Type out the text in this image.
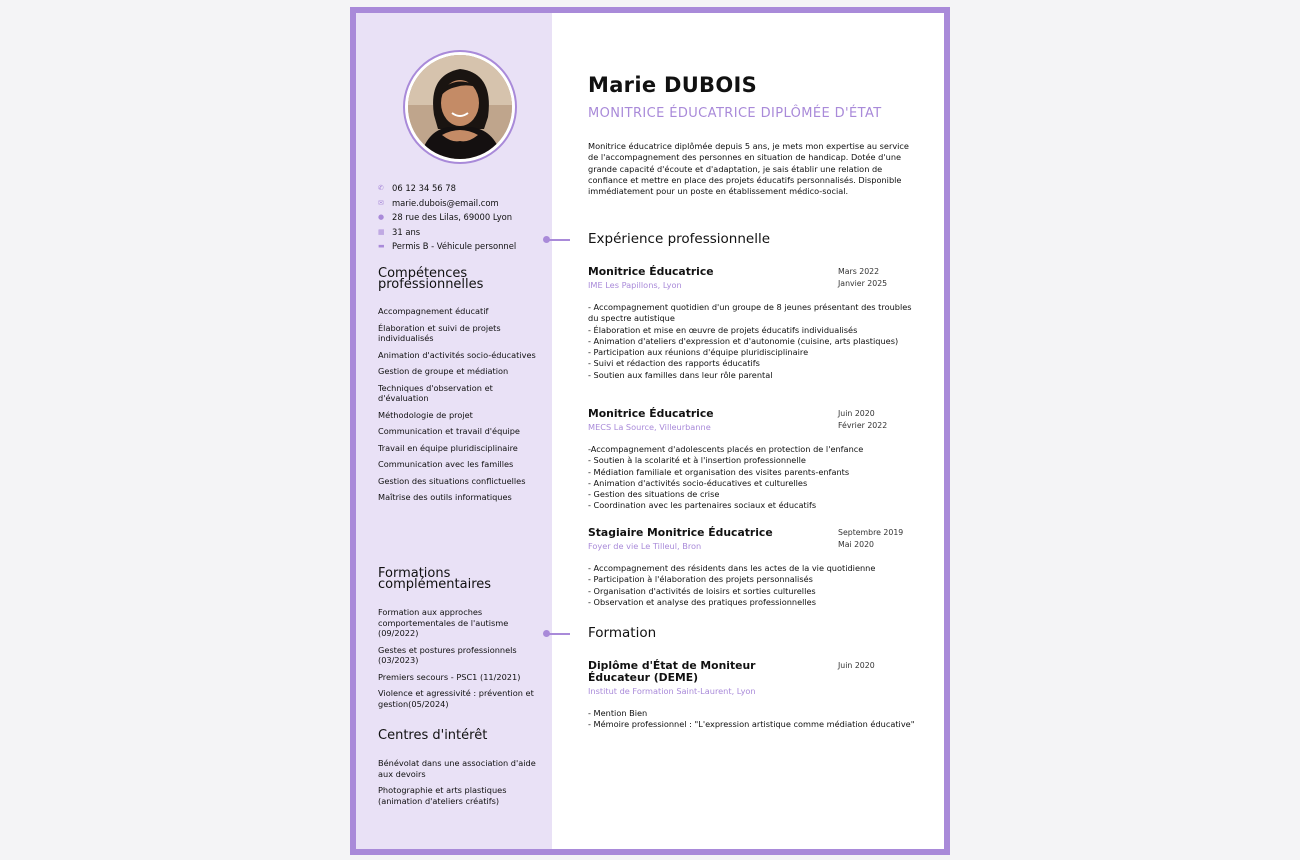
✆ 06 12 34 56 78
✉ marie.dubois@email.com
● 28 rue des Lilas, 69000 Lyon
▦ 31 ans
▬ Permis B - Véhicule personnel
Compétences professionnelles
Accompagnement éducatif
Élaboration et suivi de projets individualisés
Animation d'activités socio-éducatives
Gestion de groupe et médiation
Techniques d'observation et d'évaluation
Méthodologie de projet
Communication et travail d'équipe
Travail en équipe pluridisciplinaire
Communication avec les familles
Gestion des situations conflictuelles
Maîtrise des outils informatiques
Formations complémentaires
Formation aux approches comportementales de l'autisme (09/2022)
Gestes et postures professionnels (03/2023)
Premiers secours - PSC1 (11/2021)
Violence et agressivité : prévention et gestion(05/2024)
Centres d'intérêt
Bénévolat dans une association d'aide aux devoirs
Photographie et arts plastiques (animation d'ateliers créatifs)
Marie DUBOIS
MONITRICE ÉDUCATRICE DIPLÔMÉE D'ÉTAT
Monitrice éducatrice diplômée depuis 5 ans, je mets mon expertise au service de l'accompagnement des personnes en situation de handicap. Dotée d'une grande capacité d'écoute et d'adaptation, je sais établir une relation de confiance et mettre en place des projets éducatifs personnalisés. Disponible immédiatement pour un poste en établissement médico-social.
Expérience professionnelle
Monitrice Éducatrice
IME Les Papillons, Lyon
Mars 2022
Janvier 2025
- Accompagnement quotidien d'un groupe de 8 jeunes présentant des troubles du spectre autistique
- Élaboration et mise en œuvre de projets éducatifs individualisés
- Animation d'ateliers d'expression et d'autonomie (cuisine, arts plastiques)
- Participation aux réunions d'équipe pluridisciplinaire
- Suivi et rédaction des rapports éducatifs
- Soutien aux familles dans leur rôle parental
Monitrice Éducatrice
MECS La Source, Villeurbanne
Juin 2020
Février 2022
-Accompagnement d'adolescents placés en protection de l'enfance
- Soutien à la scolarité et à l'insertion professionnelle
- Médiation familiale et organisation des visites parents-enfants
- Animation d'activités socio-éducatives et culturelles
- Gestion des situations de crise
- Coordination avec les partenaires sociaux et éducatifs
Stagiaire Monitrice Éducatrice
Foyer de vie Le Tilleul, Bron
Septembre 2019
Mai 2020
- Accompagnement des résidents dans les actes de la vie quotidienne
- Participation à l'élaboration des projets personnalisés
- Organisation d'activités de loisirs et sorties culturelles
- Observation et analyse des pratiques professionnelles
Formation
Diplôme d'État de Moniteur Éducateur (DEME)
Institut de Formation Saint-Laurent, Lyon
Juin 2020
- Mention Bien
- Mémoire professionnel : "L'expression artistique comme médiation éducative"
